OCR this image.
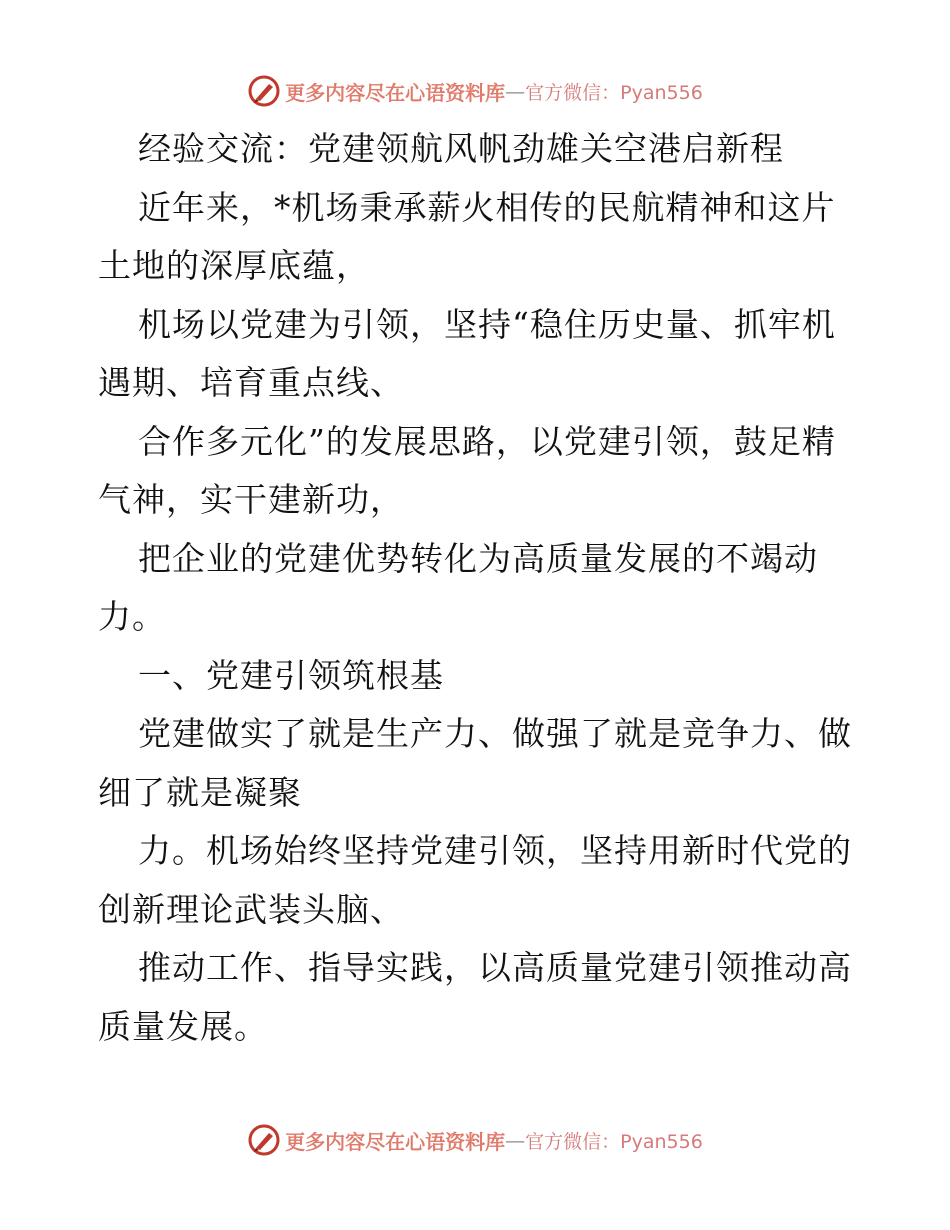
更多内容尽在心语资料库 — 官方微信：Pyan556

经验交流：党建领航风帆劲雄关空港启新程

近年来，*机场秉承薪火相传的民航精神和这片土地的深厚底蕴，

机场以党建为引领，坚持“稳住历史量、抓牢机遇期、培育重点线、

合作多元化”的发展思路，以党建引领，鼓足精气神，实干建新功，

把企业的党建优势转化为高质量发展的不竭动力。

一、党建引领筑根基

党建做实了就是生产力、做强了就是竞争力、做细了就是凝聚

力。机场始终坚持党建引领，坚持用新时代党的创新理论武装头脑、

推动工作、指导实践，以高质量党建引领推动高质量发展。

更多内容尽在心语资料库 — 官方微信：Pyan556
